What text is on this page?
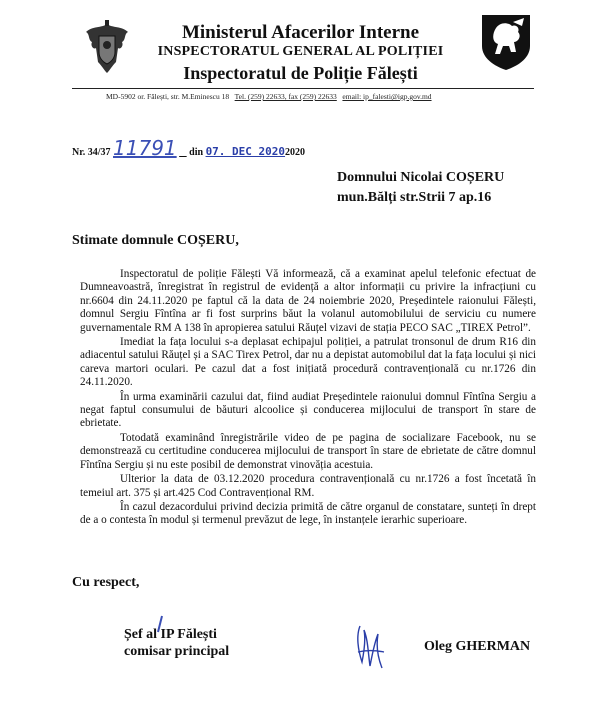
Ministerul Afacerilor Interne
INSPECTORATUL GENERAL AL POLIȚIEI
Inspectoratul de Poliție Fălești
MD-5902 or. Fălești, str. M.Eminescu 18 Tel. (259) 22633, fax (259) 22633 email: ip_falesti@igp.gov.md
Nr. 34/37 11791 din 07. DEC 20202020
Domnului Nicolai COȘERU
mun.Bălți str.Strii 7 ap.16
Stimate domnule COȘERU,

Inspectoratul de poliție Fălești Vă informează, că a examinat apelul telefonic efectuat de Dumneavoastră, înregistrat în registrul de evidență a altor informații cu privire la infracțiuni cu nr.6604 din 24.11.2020 pe faptul că la data de 24 noiembrie 2020, Președintele raionului Fălești, domnul Sergiu Fîntîna ar fi fost surprins băut la volanul automobilului de serviciu cu numere guvernamentale RM A 138 în apropierea satului Răuțel vizavi de stația PECO SAC „TIREX Petrol”.

Imediat la fața locului s-a deplasat echipajul poliției, a patrulat tronsonul de drum R16 din adiacentul satului Răuțel și a SAC Tirex Petrol, dar nu a depistat automobilul dat la fața locului și nici careva martori oculari. Pe cazul dat a fost inițiată procedură contravențională cu nr.1726 din 24.11.2020.

În urma examinării cazului dat, fiind audiat Președintele raionului domnul Fîntîna Sergiu a negat faptul consumului de băuturi alcoolice și conducerea mijlocului de transport în stare de ebrietate.

Totodată examinând înregistrările video de pe pagina de socializare Facebook, nu se demonstrează cu certitudine conducerea mijlocului de transport în stare de ebrietate de către domnul Fîntîna Sergiu și nu este posibil de demonstrat vinovăția acestuia.

Ulterior la data de 03.12.2020 procedura contravențională cu nr.1726 a fost încetată în temeiul art. 375 și art.425 Cod Contravențional RM.

În cazul dezacordului privind decizia primită de către organul de constatare, sunteți în drept de a o contesta în modul și termenul prevăzut de lege, în instanțele ierarhic superioare.

Cu respect,
Șef al IP Fălești
comisar principal	Oleg GHERMAN
